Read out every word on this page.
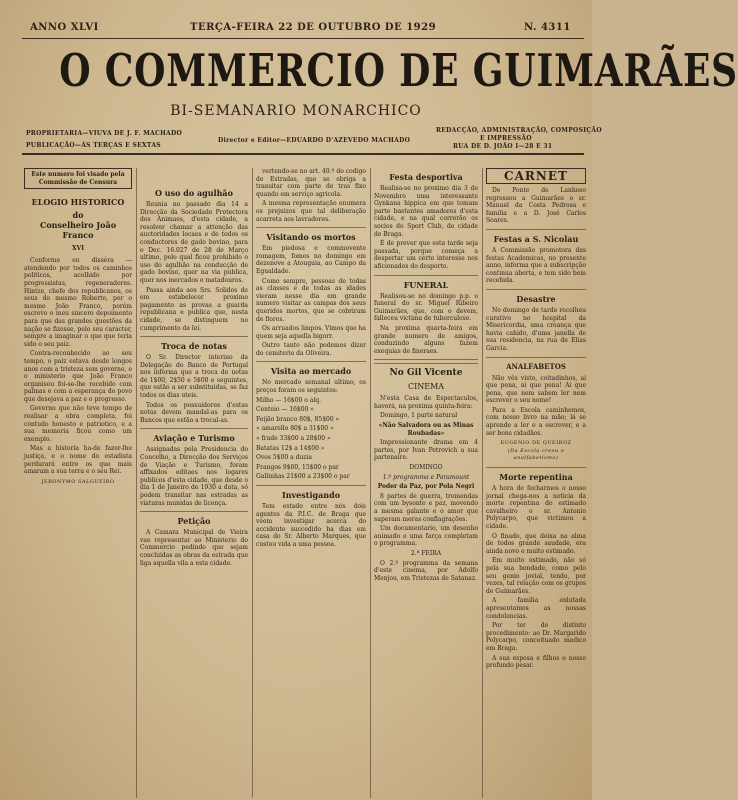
ANNO XLVI	TERÇA-FEIRA 22 DE OUTUBRO DE 1929	N. 4311
O COMMERCIO DE GUIMARÃES
BI-SEMANARIO MONARCHICO
PROPRIETARIA—VIUVA DE J. F. MACHADO
PUBLICAÇÃO—ÁS TERÇAS E SEXTAS
Director e Editor—EDUARDO D'AZEVEDO MACHADO
REDACÇÃO, ADMINISTRAÇÃO, COMPOSIÇÃO
E IMPRESSÃO
RUA DE D. JOÃO I—28 E 31
Este numero foi visado pela Commissão de Censura
ELOGIO HISTORICO
do
Conselheiro João Franco
XVI

Conforme eu disséra — atendendo por todos os caminhos politicos, acolhido por progressistas, regeneradores. Hintze, chefe dos republicanos, os seus do mesmo Roberto, por o mesmo João Franco, porém escrevo o meu sincero depoimento para que das grandes questões da nação se fizesse, pelo seu caracter, sempre a imaginar o que que teria sido o seu paiz.

Contra-reconhecido ao seu tempo, o paiz estava desde longos anos com a tristeza sem governo, e o ministerio que João Franco organisou foi-se-lhe recebido com palmas e com a esperança do povo que desejava a paz e o progresso.

Governo que não teve tempo de realisar a obra completa, foi contudo honesto e patriotico, e a sua memoria ficou como um exemplo.

Mas a historia ha-de fazer-lhe justiça, e o nome do estadista perdurará entre os que mais amaram a sua terra e o seu Rei.

JERONYMO SALGUEIRO
O uso do agulhão

Reunia no passado dia 14 a Direcção da Sociedade Protectora dos Animaes, d'esta cidade, a resolver chamar a attenção das auctoridades locaes e de todos os conductores de gado bovino, para o Dec. 16.027 de 28 de Março ultimo, pelo qual ficou prohibido o uso do agulhão na conducção de gado bovino, quer na via publica, quer nos mercados e matadouros.

Passa ainda aos Srs. Solidos de em estabelecer proximo pagamento as provas a guarda republicana e publica que, nesta cidade, se distinguem no cumprimento da lei.

Troca de notas

O Sr. Director interino da Delegação do Banco de Portugal nos informa que a troca de notas de 1$00, 2$50 e 5$00 e seguintes, que estão a ser substituidas, se faz todos os dias uteis.

Todos os possuidores d'estas notas devem mandal-as para os Bancos que estão a trocal-as.

Aviação e Turismo

Assignadas pela Presidencia do Concelho, a Direcção dos Serviços de Viação e Turismo, foram affixados editaes nos logares publicos d'esta cidade, que desde o dia 1 de Janeiro de 1930 a data, só podem transitar nas estradas as viaturas munidas de licença.

Petição

A Camara Municipal de Vieira vae representar ao Ministerio do Commercio pedindo que sejam concluidas as obras da estrada que liga aquella vila a esta cidade.

vertendo-se no art. 40.º do codigo de Estradas, que se obriga a transitar com parte de tras fixo quando em serviço agricola.

A mesma representação enumera os prejuizos que tal deliberação acarreta aos lavradores.

Visitando os mortos

Em piedosa e commovente romagem, fomos no domingo em dezenove a Atouguia, ao Campo da Egualdade.

Como sempre, pessoas de todas as classes e de todas as idades vieram nesse dia em grande numero visitar as campas dos seus queridos mortos, que se cobriram de flores.

Os arruados limpos. Vimos que ha quem seja aquella bigorr.

Outro tanto não podemos dizer do cemiterio da Oliveira.

Visita ao mercado

No mercado semanal ultimo, os preços foram os seguintes:

Milho — 16$00 o alq.

Centeio — 16$00 »

Feijão branco 80$, 85$00 »

» amarello 80$ a 31$00 »

» frade 33$00 a 28$00 »

Batatas 12$ a 14$00 »

Ovos 5$00 a duzia

Frangos 9$00, 15$00 o par

Gallinhas 21$00 a 23$00 o par

Investigando

Tem estado entre nós dois agentes da P.I.C. de Braga que veem investigar acerca do accidente succedido ha dias em casa do Sr. Alberto Marques, que custou vida a uma pessoa.

Festa desportiva

Realisa-se no proximo dia 3 de Novembro uma interessante Gynkana hippica em que tomam parte bastantes amadores d'esta cidade, e na qual correrão os socios do Sport Club, de cidade de Braga.

É de prever que esta tarde seja passada, porque começa a despertar um certo interesse nos aficionados do desporto.

FUNERAL

Realisou-se no domingo p.p. o funeral do sr. Miguel Ribeiro Guimarães, que, com o devem, falleceu victima de tuberculose.

Na proxima quarta-feira em grande numero de amigos, conduzindo alguns fazem exequias de fineraes.

No Gil Vicente
CINEMA

N'esta Casa de Espectaculos, haverá, na proxima quinta-feira:

Domingo, 1 parte natural

«Não Salvadora ou as Minas Roubadas»

Impressionante drama em 4 partes, por Ivan Petrovich a sua partenaire.

DOMINGO

1.º programma e Paramount

Poder da Paz, por Pola Negri

8 partes de guerra, tremendas com um bysonte e paz, movendo a mesma galante e o amor que superam meras conflagrações.

Um documentario, um desenho animado e uma farça completam o programma.

2.ª FEIRA

O 2.º programma da semana d'este cinema, por Adolfo Menjou, em Tristezas de Satanaz.

CARNET

De Ponte de Lanhoso regressou a Guimarães o sr. Manuel da Costa Pedrosa e familia e a D. José Carlos Soares.

Festas a S. Nicolau

A Commissão promotora das festas Academicas, no presente anno, informa que a subscripção continua aberta, e tem sido bem recebida.

Desastre

No domingo de tarde recolheu curativo no hospital da Misericordia, uma creança que havia cahido, d'uma janella de sua residencia, na rua de Elias Garcia.

ANALFABETOS

Não vês visto, coitadinhos, ai que pena, ai que pena! Ai que pena, que nem sabem ler nem escrever o seu nome!

Para a Escola caminhemos, com nosso livro na mão; lá se aprende a ler e a escrever, e a ser bons cidadãos.

EUGENIO DE QUEIROZ
(Da Escola creou o analfabetismo)
Morte repentina

A hora de fecharmos o nosso jornal chega-nos a noticia da morte repentina do estimado cavalheiro o sr. Antonio Polycarpo, que victimou a cidade.

O finado, que deixa na alma de todos grande saudade, era ainda novo e muito estimado.

Em muito estimado, não só pela sua bondade, como pelo seu genio jovial, tendo, por vezes, tal relação com os grupos de Guimarães.

A familia enlutada apresentamos as nossas condolencias.

Por ter de distinto procedimento: ao Dr. Margarido Polycarpo, conceituado medico em Braga.

A sua esposa e filhos o nosso profundo pesar.
